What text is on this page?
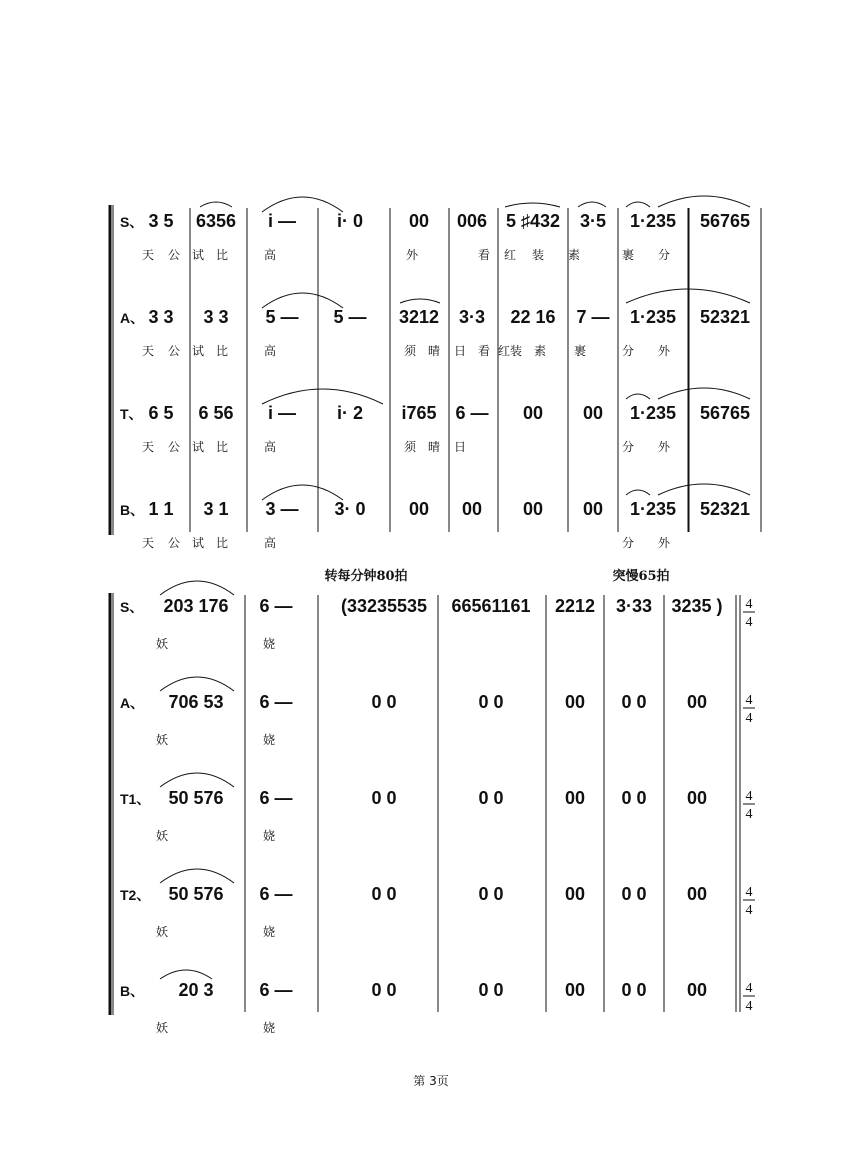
S、 3 5 6356 i — i· 0	00 006 5 ♯432 3·5 1·235 56765
天 公 试 比	高	看 红 装 素	裹 分
外
A、 3 3 3 3 5 — 5 — 3212 3·3 22 16 7 — 1·235 52321
天 公 试 比	高	须 晴 日 看 红装 素 裹	分 外
T、 6 5 6 56 i — i· 2 i765 6 — 00 00 1·235 56765
天 公 试 比	高	须 晴 日	分 外
B、 1 1 3 1 3 — 3· 0 00 00 00 00 1·235 52321
天 公 试 比	高	分 外
转每分钟80拍	突慢65拍
S、 203 176 6 —	(33235535 66561161 2212 3·33 3235 )
妖	娆
4
4
A、 706 53 6 —	0 0	0 0	00 0 0 00
妖	娆
4
4
T1、 50 576 6 —	0 0	0 0	00 0 0 00
妖	娆
4
4
T2、 50 576 6 —	0 0	0 0	00 0 0 00
妖	娆
4
4
B、 20 3	6 —	0 0	0 0	00 0 0 00
妖	娆
4
4
第 3页
